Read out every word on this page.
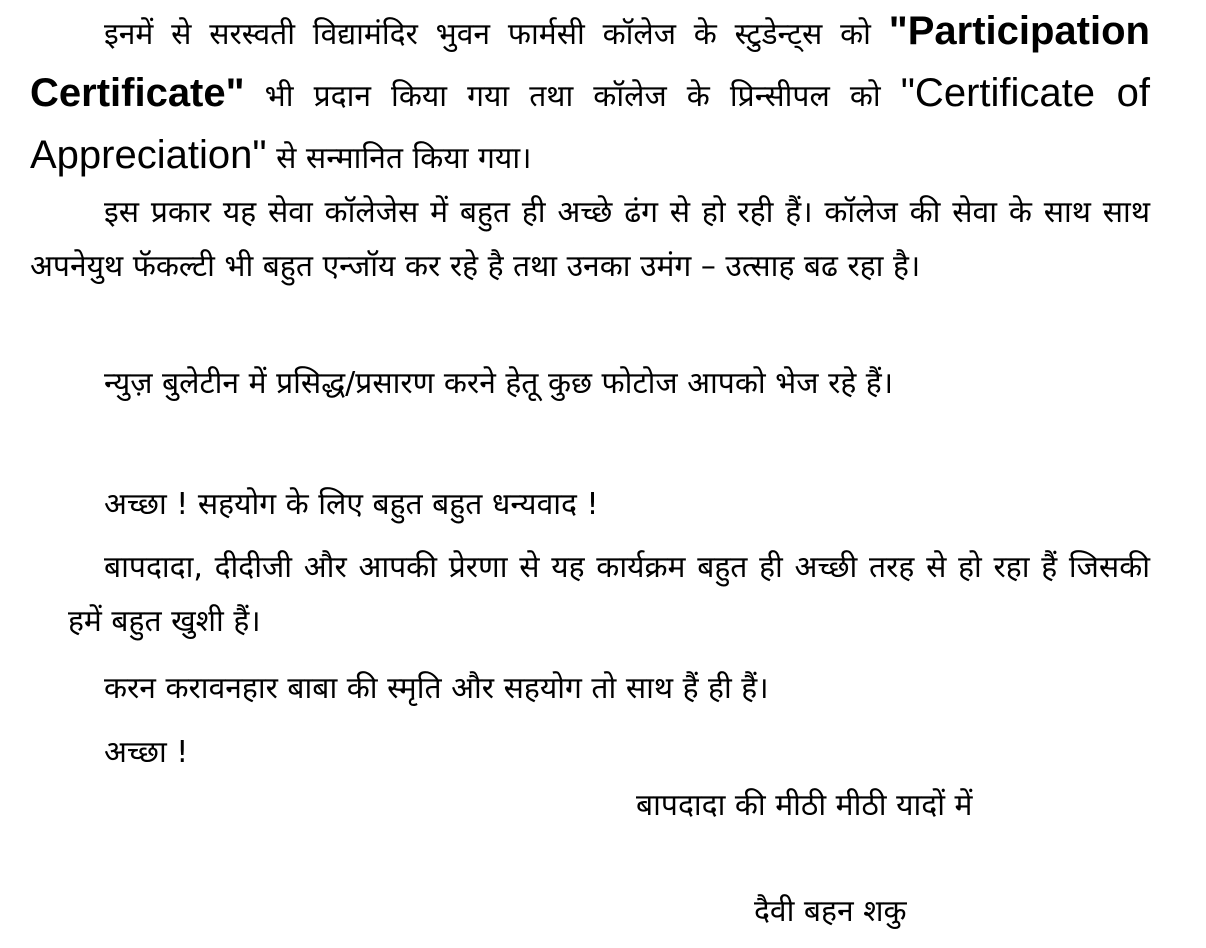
इनमें से सरस्वती विद्यामंदिर भुवन फार्मसी कॉलेज के स्टुडेन्ट्स को "Participation Certificate" भी प्रदान किया गया तथा कॉलेज के प्रिन्सीपल को "Certificate of Appreciation" से सन्मानित किया गया।

इस प्रकार यह सेवा कॉलेजेस में बहुत ही अच्छे ढंग से हो रही हैं। कॉलेज की सेवा के साथ साथ अपनेयुथ फॅकल्टी भी बहुत एन्जॉय कर रहे है तथा उनका उमंग – उत्साह बढ रहा है।

न्युज़ बुलेटीन में प्रसिद्ध/प्रसारण करने हेतू कुछ फोटोज आपको भेज रहे हैं।

अच्छा ! सहयोग के लिए बहुत बहुत धन्यवाद !

बापदादा, दीदीजी और आपकी प्रेरणा से यह कार्यक्रम बहुत ही अच्छी तरह से हो रहा हैं जिसकी हमें बहुत खुशी हैं।

करन करावनहार बाबा की स्मृति और सहयोग तो साथ हैं ही हैं।

अच्छा !

बापदादा की मीठी मीठी यादों में

दैवी बहन शकु
